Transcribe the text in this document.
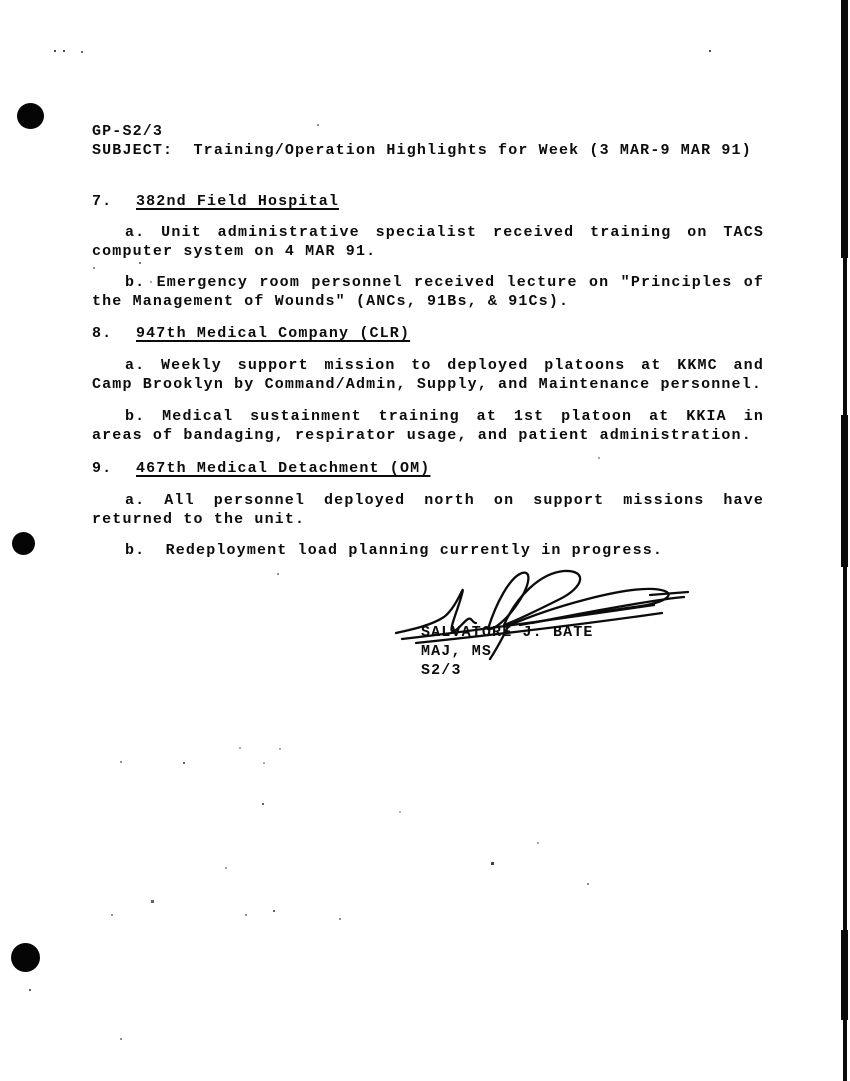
GP-S2/3
SUBJECT:  Training/Operation Highlights for Week (3 MAR-9 MAR 91)
7. 382nd Field Hospital
a. Unit administrative specialist received training on TACS
computer system on 4 MAR 91.
b. Emergency room personnel received lecture on "Principles of
the Management of Wounds" (ANCs, 91Bs, & 91Cs).
8. 947th Medical Company (CLR)
a. Weekly support mission to deployed platoons at KKMC and
Camp Brooklyn by Command/Admin, Supply, and Maintenance personnel.
b. Medical sustainment training at 1st platoon at KKIA in
areas of bandaging, respirator usage, and patient administration.
9. 467th Medical Detachment (OM)
a. All personnel deployed north on support missions have
returned to the unit.
b.  Redeployment load planning currently in progress.
SALVATORE J. BATE
MAJ, MS
S2/3
